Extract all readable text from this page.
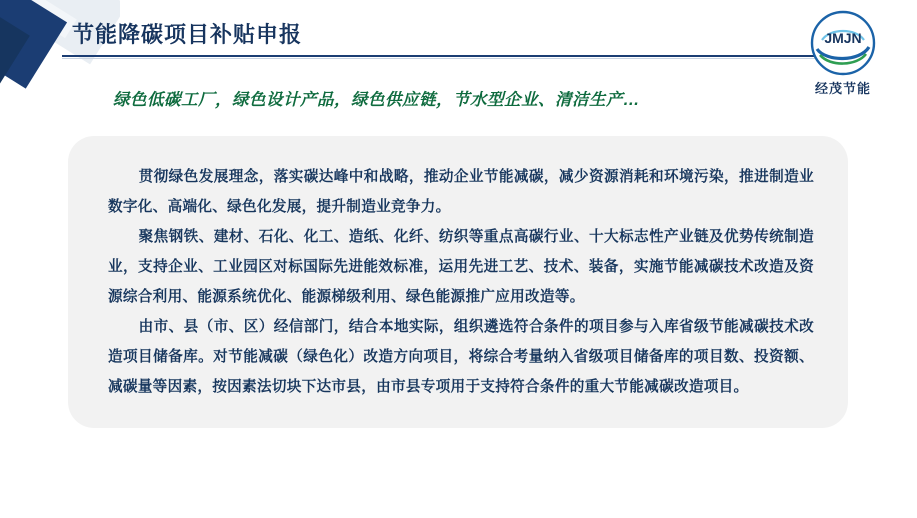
节能降碳项目补贴申报	JMJN
经茂节能
绿色低碳工厂，绿色设计产品，绿色供应链，节水型企业、清洁生产…

贯彻绿色发展理念，落实碳达峰中和战略，推动企业节能减碳，减少资源消耗和环境污染，推进制造业数字化、高端化、绿色化发展，提升制造业竞争力。

聚焦钢铁、建材、石化、化工、造纸、化纤、纺织等重点高碳行业、十大标志性产业链及优势传统制造业，支持企业、工业园区对标国际先进能效标准，运用先进工艺、技术、装备，实施节能减碳技术改造及资源综合利用、能源系统优化、能源梯级利用、绿色能源推广应用改造等。

由市、县（市、区）经信部门，结合本地实际，组织遴选符合条件的项目参与入库省级节能减碳技术改造项目储备库。对节能减碳（绿色化）改造方向项目，将综合考量纳入省级项目储备库的项目数、投资额、减碳量等因素，按因素法切块下达市县，由市县专项用于支持符合条件的重大节能减碳改造项目。
